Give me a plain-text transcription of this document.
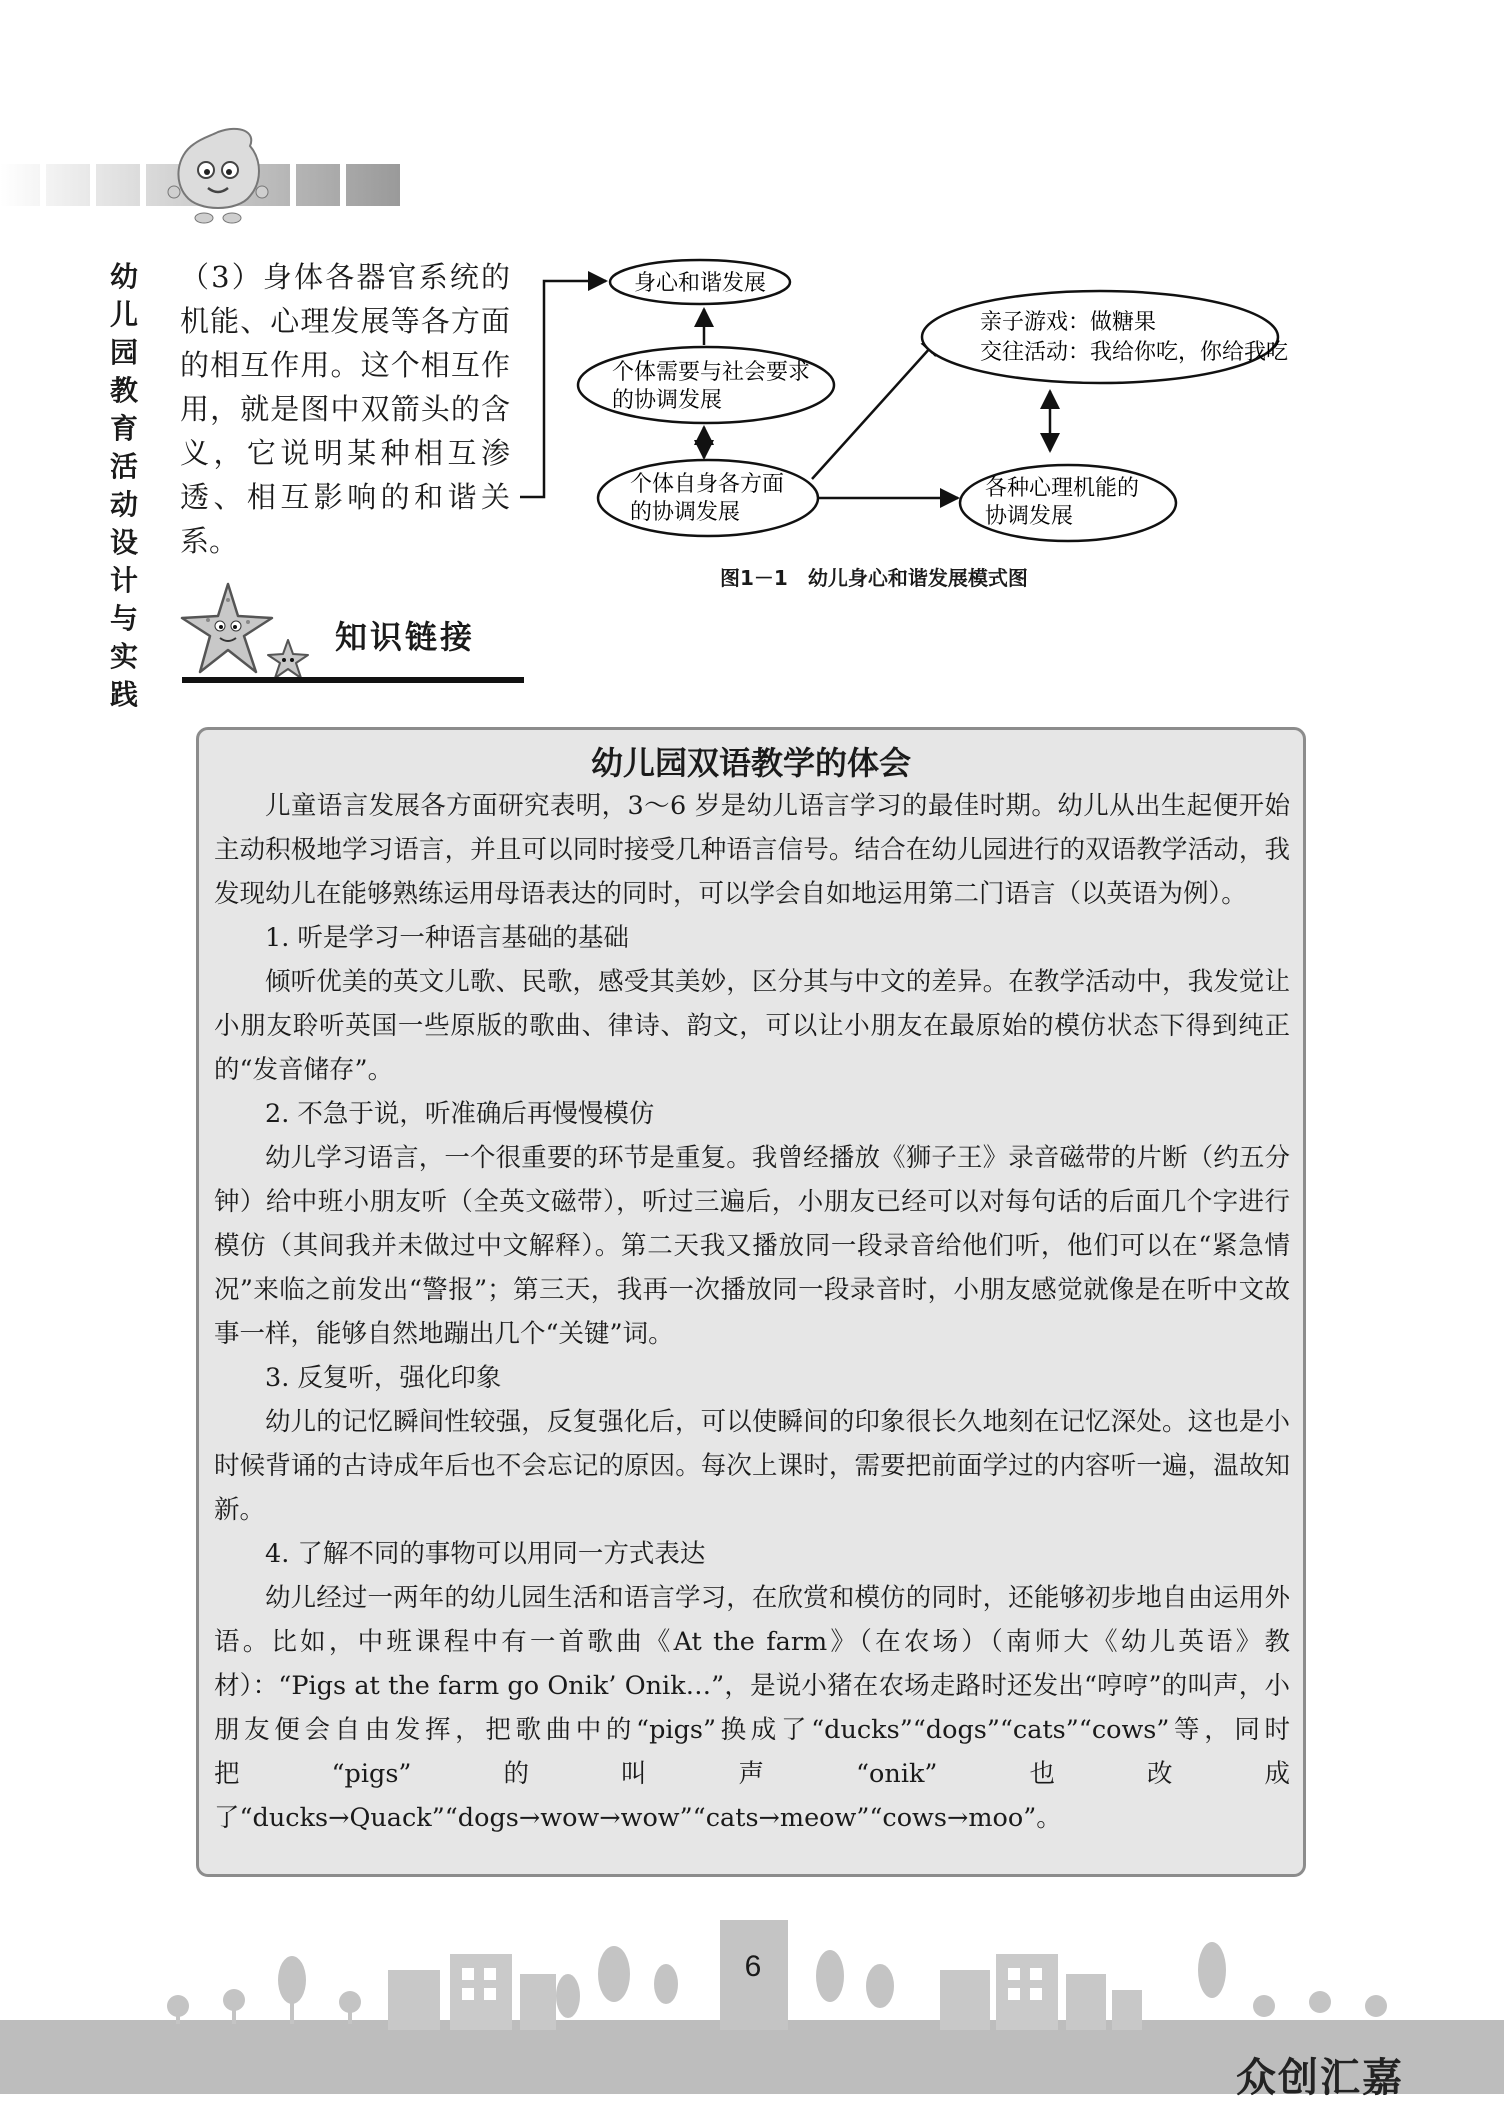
幼儿园教育活动设计与实践
（3）身体各器官系统的机能、心理发展等各方面的相互作用。这个相互作用，就是图中双箭头的含义，它说明某种相互渗透、相互影响的和谐关系。
身心和谐发展
个体需要与社会要求
的协调发展
个体自身各方面
的协调发展
亲子游戏：做糖果
交往活动：我给你吃，你给我吃
各种心理机能的
协调发展
图1－1　幼儿身心和谐发展模式图
知识链接
幼儿园双语教学的体会

儿童语言发展各方面研究表明，3～6 岁是幼儿语言学习的最佳时期。幼儿从出生起便开始主动积极地学习语言，并且可以同时接受几种语言信号。结合在幼儿园进行的双语教学活动，我发现幼儿在能够熟练运用母语表达的同时，可以学会自如地运用第二门语言（以英语为例）。

1. 听是学习一种语言基础的基础

倾听优美的英文儿歌、民歌，感受其美妙，区分其与中文的差异。在教学活动中，我发觉让小朋友聆听英国一些原版的歌曲、律诗、韵文，可以让小朋友在最原始的模仿状态下得到纯正的“发音储存”。

2. 不急于说，听准确后再慢慢模仿

幼儿学习语言，一个很重要的环节是重复。我曾经播放《狮子王》录音磁带的片断（约五分钟）给中班小朋友听（全英文磁带），听过三遍后，小朋友已经可以对每句话的后面几个字进行模仿（其间我并未做过中文解释）。第二天我又播放同一段录音给他们听，他们可以在“紧急情况”来临之前发出“警报”；第三天，我再一次播放同一段录音时，小朋友感觉就像是在听中文故事一样，能够自然地蹦出几个“关键”词。

3. 反复听，强化印象

幼儿的记忆瞬间性较强，反复强化后，可以使瞬间的印象很长久地刻在记忆深处。这也是小时候背诵的古诗成年后也不会忘记的原因。每次上课时，需要把前面学过的内容听一遍，温故知新。

4. 了解不同的事物可以用同一方式表达

幼儿经过一两年的幼儿园生活和语言学习，在欣赏和模仿的同时，还能够初步地自由运用外语。比如，中班课程中有一首歌曲《At the farm》（在农场）（南师大《幼儿英语》教材）：“Pigs at the farm go Onik’ Onik…”，是说小猪在农场走路时还发出“哼哼”的叫声，小朋友便会自由发挥，把歌曲中的“pigs”换成了“ducks”“dogs”“cats”“cows”等，同时把“pigs”的叫声“onik”也改成了“ducks→Quack”“dogs→wow→wow”“cats→meow”“cows→moo”。

6
众创汇嘉
